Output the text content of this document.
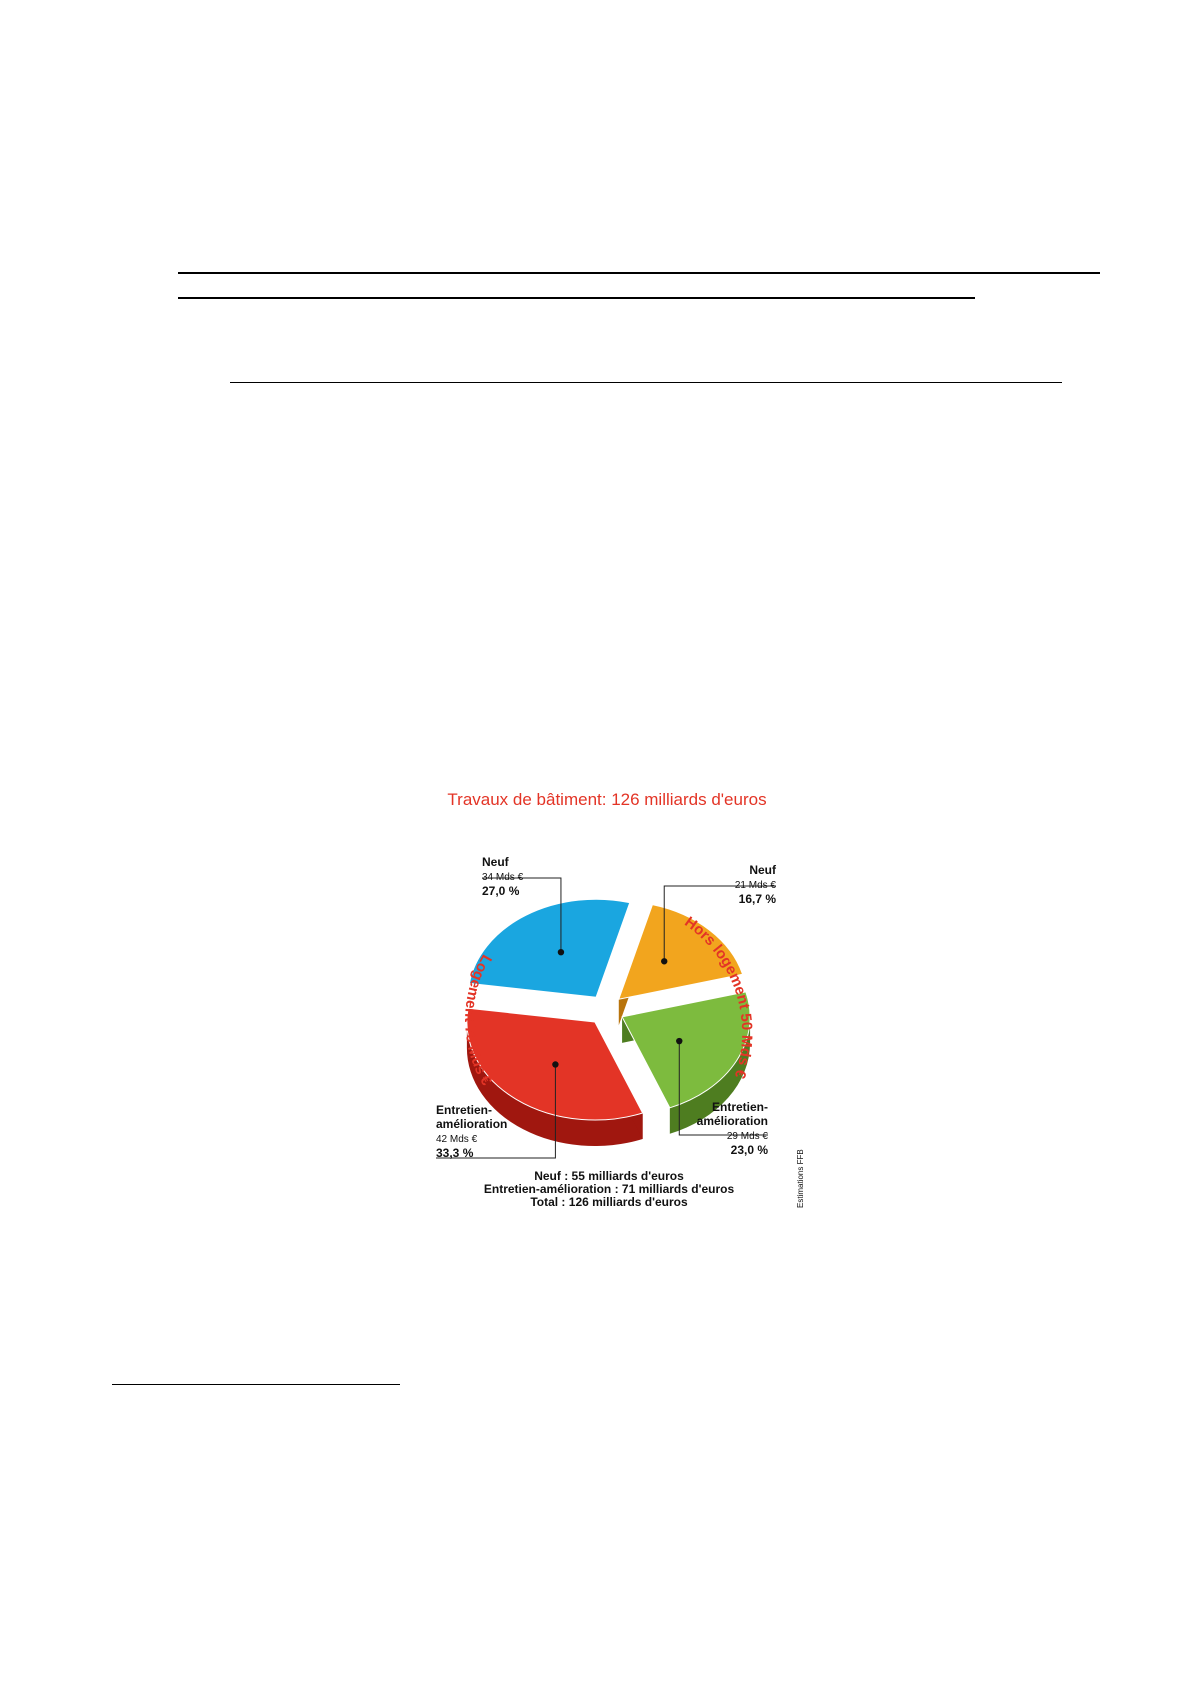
Travaux de bâtiment: 126 milliards d'euros
Logement 76 Mds €
Hors logement 50 Mds €
Neuf
34 Mds €
27,0 %
Neuf
21 Mds €
16,7 %
Entretien-
amélioration
29 Mds €
23,0 %
Entretien-
amélioration
42 Mds €
33,3 %
Neuf : 55 milliards d'euros
Entretien-amélioration : 71 milliards d'euros
Total : 126 milliards d'euros	Estimations FFB
